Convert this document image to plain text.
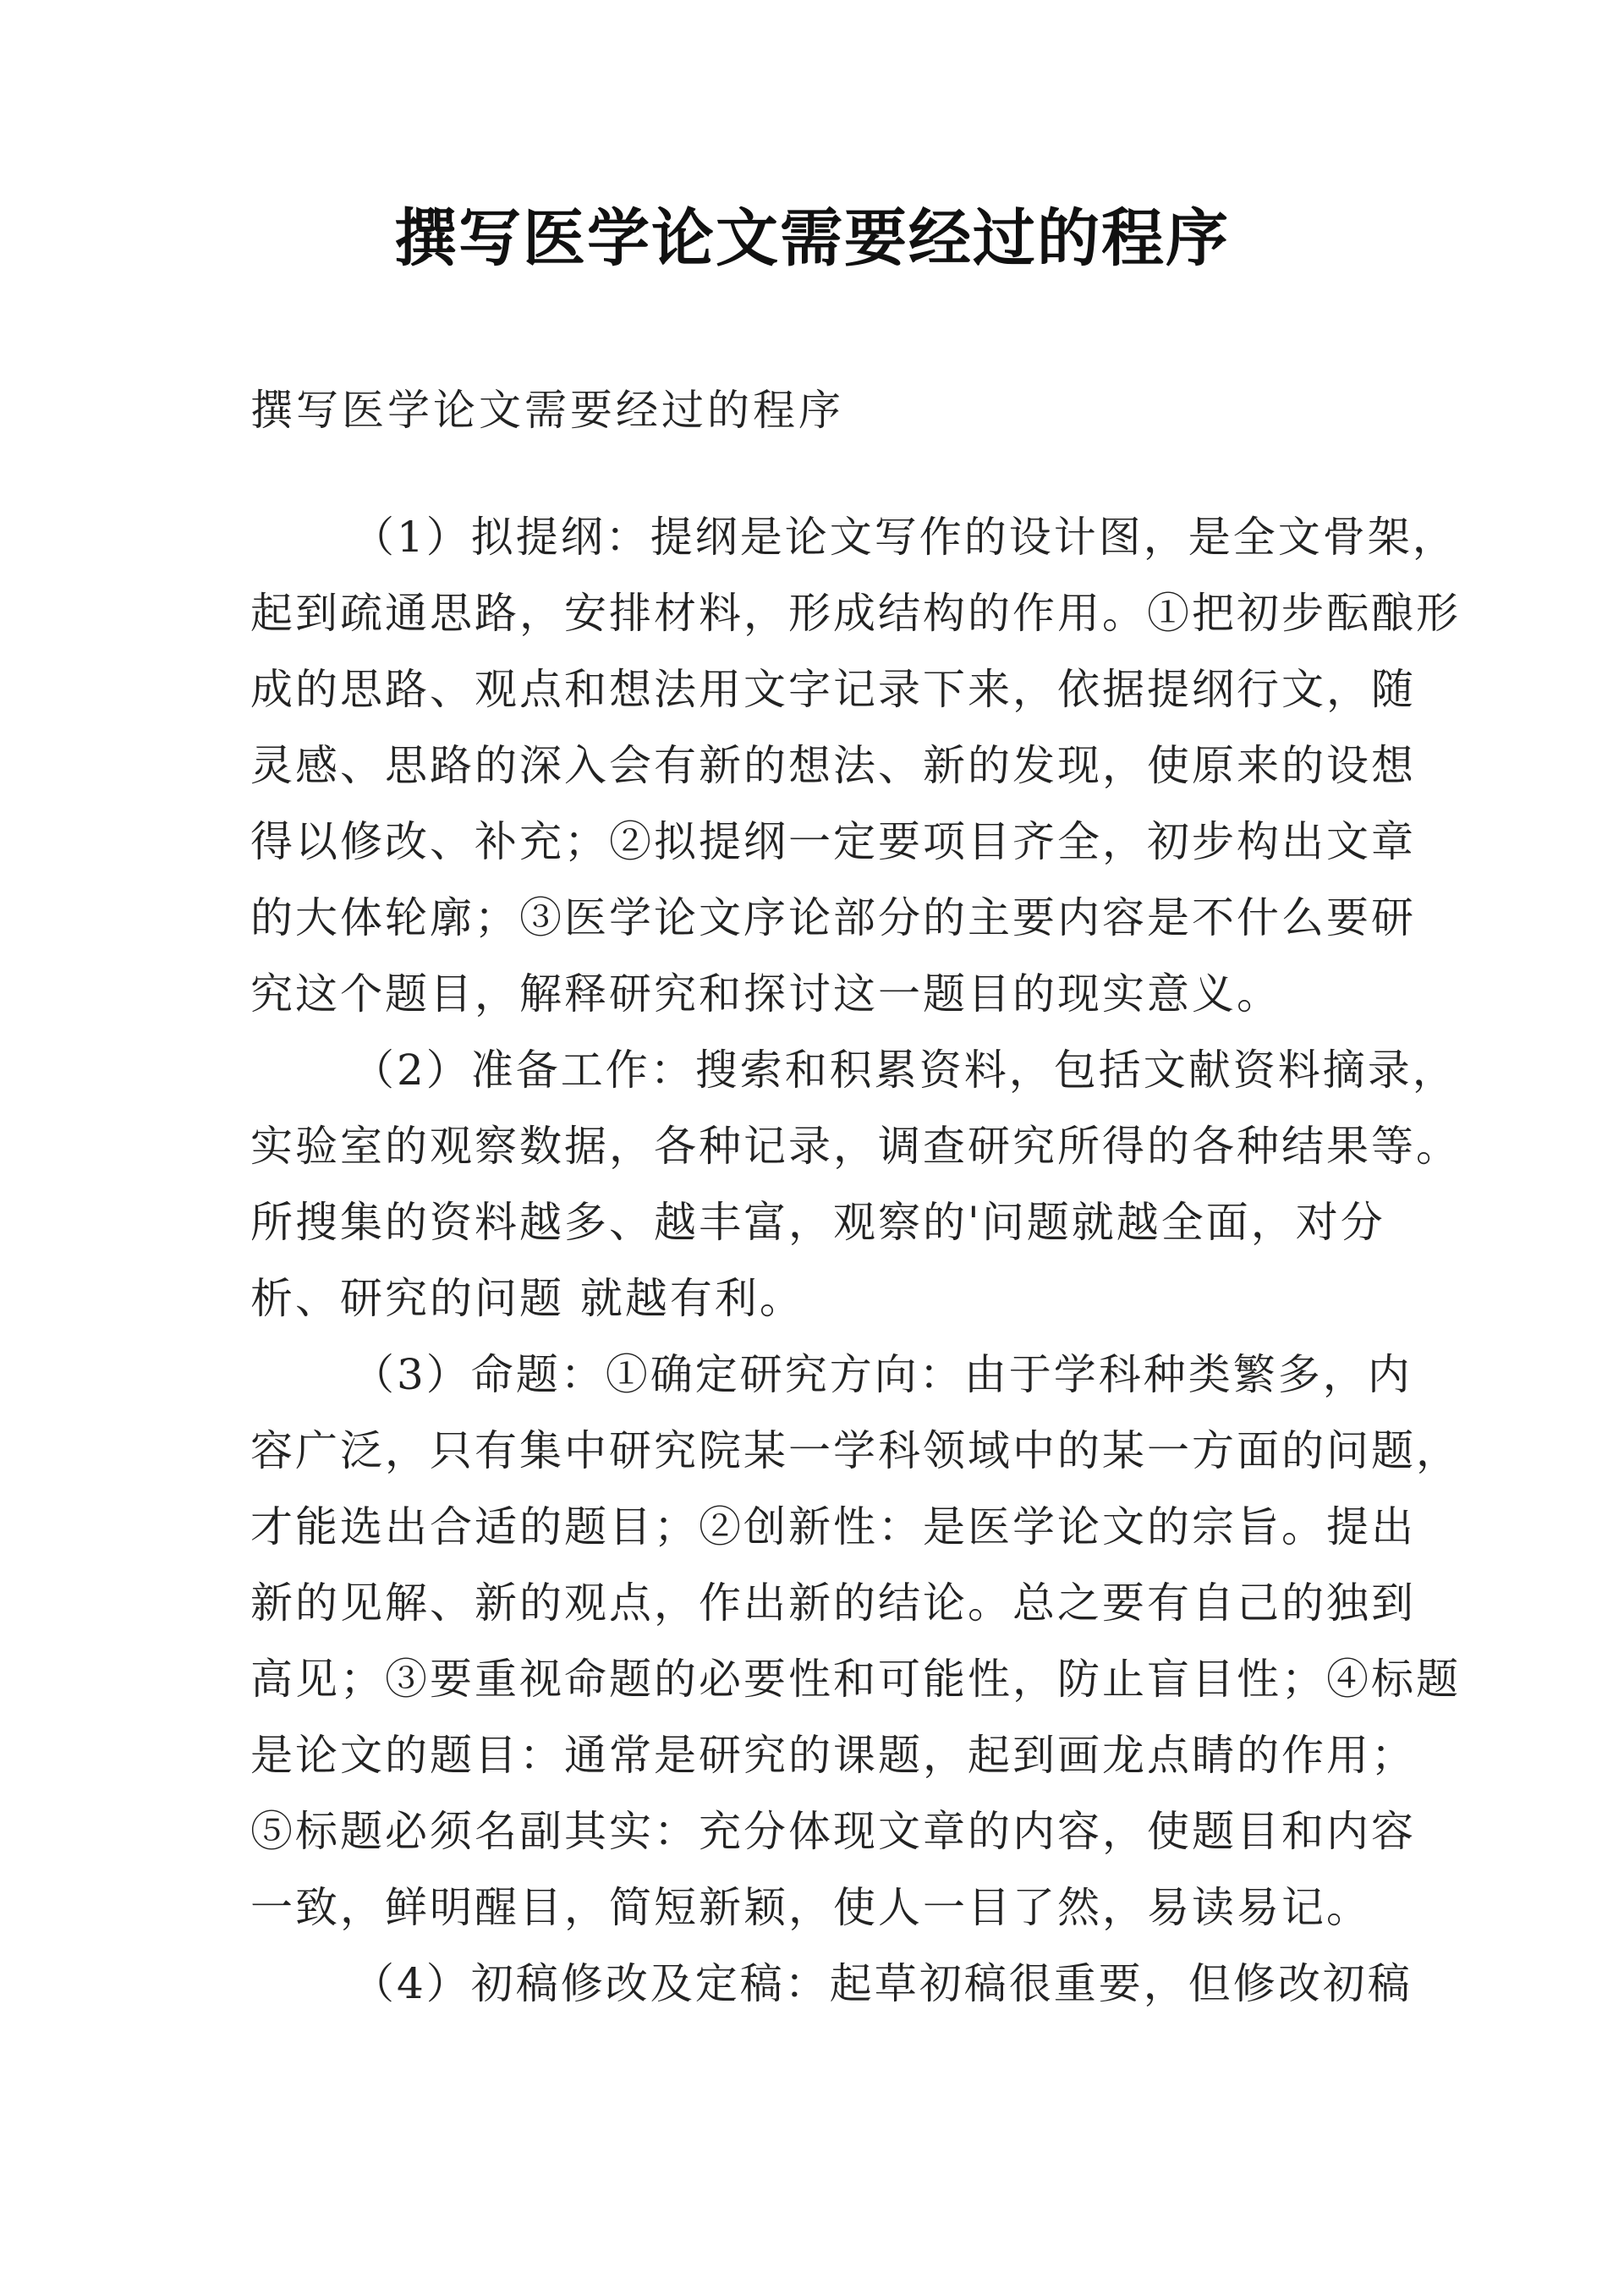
撰写医学论文需要经过的程序

撰写医学论文需要经过的程序

（1）拟提纲：提纲是论文写作的设计图，是全文骨架，
起到疏通思路，安排材料，形成结构的作用。①把初步酝酿形
成的思路、观点和想法用文字记录下来，依据提纲行文，随
灵感、思路的深入会有新的想法、新的发现，使原来的设想
得以修改、补充；②拟提纲一定要项目齐全，初步构出文章
的大体轮廓；③医学论文序论部分的主要内容是不什么要研
究这个题目，解释研究和探讨这一题目的现实意义。
（2）准备工作：搜索和积累资料，包括文献资料摘录，
实验室的观察数据，各种记录，调查研究所得的各种结果等。
所搜集的资料越多、越丰富，观察的'问题就越全面，对分
析、研究的问题 就越有利。
（3）命题：①确定研究方向：由于学科种类繁多，内
容广泛，只有集中研究院某一学科领域中的某一方面的问题，
才能选出合适的题目；②创新性：是医学论文的宗旨。提出
新的见解、新的观点，作出新的结论。总之要有自己的独到
高见；③要重视命题的必要性和可能性，防止盲目性；④标题
是论文的题目：通常是研究的课题，起到画龙点睛的作用；
⑤标题必须名副其实：充分体现文章的内容，使题目和内容
一致，鲜明醒目，简短新颖，使人一目了然，易读易记。
（4）初稿修改及定稿：起草初稿很重要，但修改初稿
